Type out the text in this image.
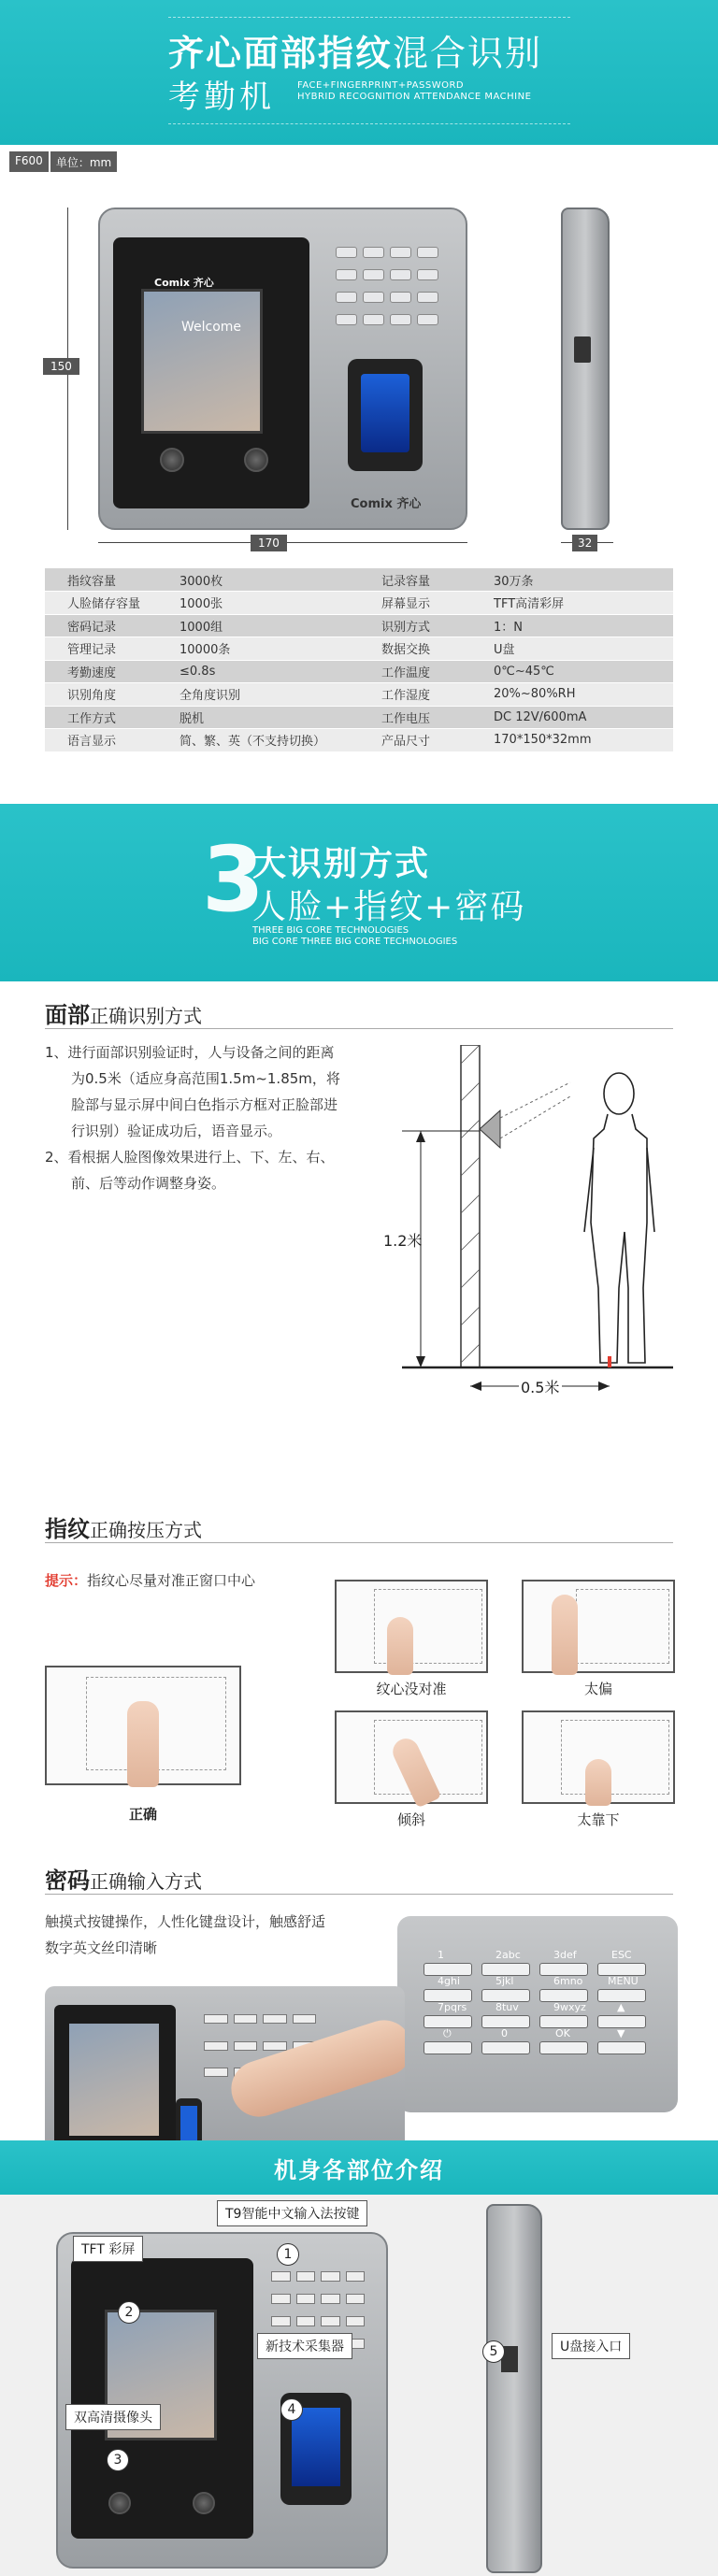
齐心面部指纹混合识别
考勤机 FACE+FINGERPRINT+PASSWORD
HYBRID RECOGNITION ATTENDANCE MACHINE
F600	单位：mm
150
Comix 齐心
Welcome
Comix 齐心
170	32
指纹容量	3000枚	记录容量	30万条
人脸储存容量	1000张	屏幕显示	TFT高清彩屏
密码记录	1000组	识别方式	1：N
管理记录	10000条	数据交换	U盘
考勤速度	≤0.8s	工作温度	0℃~45℃
识别角度	全角度识别	工作湿度	20%~80%RH
工作方式	脱机	工作电压	DC 12V/600mA
语言显示	简、繁、英（不支持切换）	产品尺寸	170*150*32mm
3
大识别方式
人脸+指纹+密码
THREE BIG CORE TECHNOLOGIES
BIG CORE THREE BIG CORE TECHNOLOGIES
面部正确识别方式
1、进行面部识别验证时，人与设备之间的距离
为0.5米（适应身高范围1.5m~1.85m，将
脸部与显示屏中间白色指示方框对正脸部进
行识别）验证成功后，语音显示。
2、看根据人脸图像效果进行上、下、左、右、
前、后等动作调整身姿。
1.2米
0.5米
指纹正确按压方式
提示：指纹心尽量对准正窗口中心
正确
纹心没对准	太偏
倾斜	太靠下
密码正确输入方式
触摸式按键操作，人性化键盘设计，触感舒适
数字英文丝印清晰	1	2abc	3def	ESC
4ghi	5jkl	6mno MENU
7pqrs	8tuv	9wxyz	▲
⏻	0	OK	▼
机身各部位介绍
T9智能中文输入法按键
TFT 彩屏
新技术采集器
双高清摄像头
U盘接入口
1
2
3
4
5
